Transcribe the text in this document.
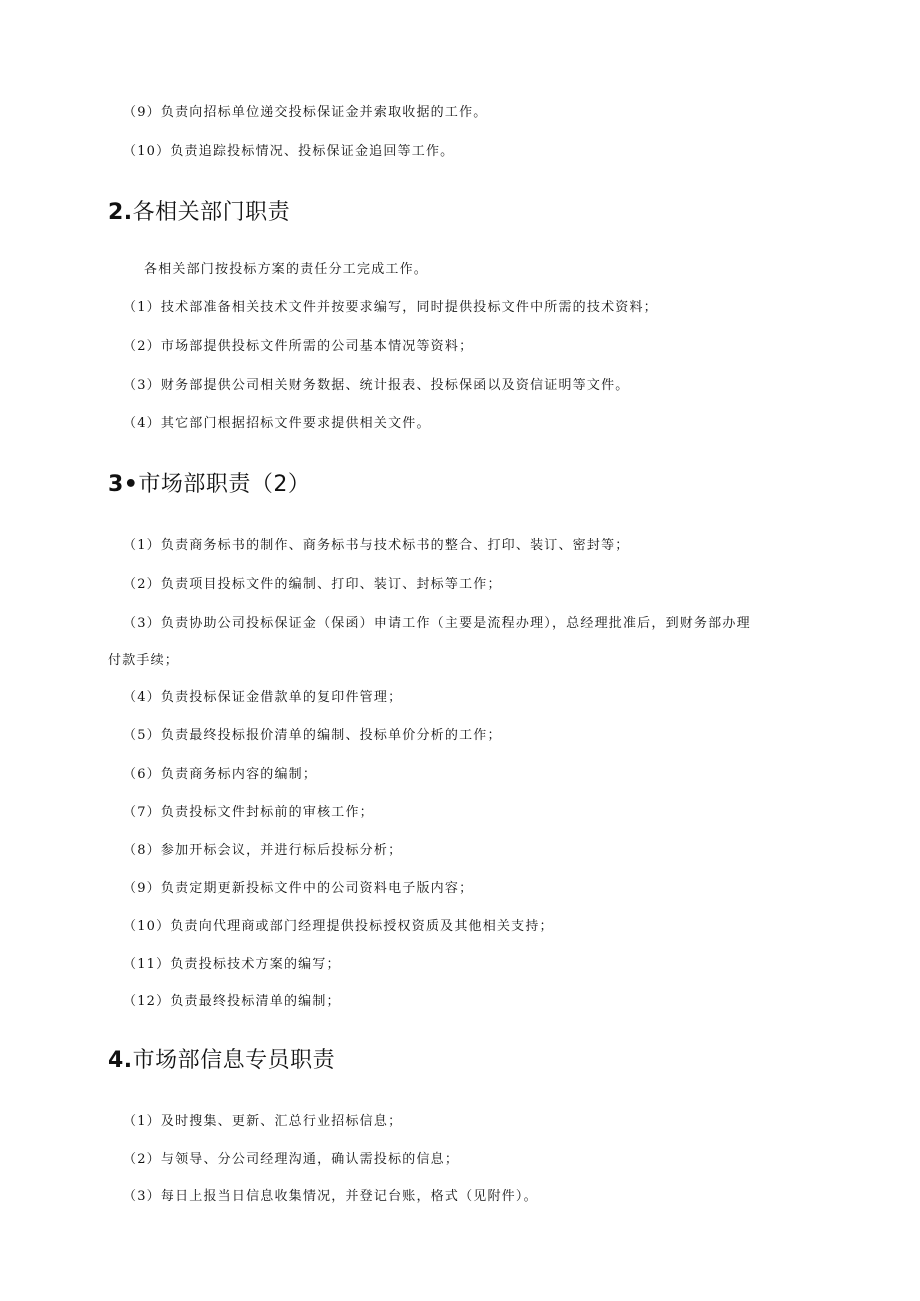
（9）负责向招标单位递交投标保证金并索取收据的工作。
（10）负责追踪投标情况、投标保证金追回等工作。
2.各相关部门职责
各相关部门按投标方案的责任分工完成工作。
（1）技术部准备相关技术文件并按要求编写，同时提供投标文件中所需的技术资料；
（2）市场部提供投标文件所需的公司基本情况等资料；
（3）财务部提供公司相关财务数据、统计报表、投标保函以及资信证明等文件。
（4）其它部门根据招标文件要求提供相关文件。
3•市场部职责（2）
（1）负责商务标书的制作、商务标书与技术标书的整合、打印、装订、密封等；
（2）负责项目投标文件的编制、打印、装订、封标等工作；
（3）负责协助公司投标保证金（保函）申请工作（主要是流程办理），总经理批准后，到财务部办理
付款手续；
（4）负责投标保证金借款单的复印件管理；
（5）负责最终投标报价清单的编制、投标单价分析的工作；
（6）负责商务标内容的编制；
（7）负责投标文件封标前的审核工作；
（8）参加开标会议，并进行标后投标分析；
（9）负责定期更新投标文件中的公司资料电子版内容；
（10）负责向代理商或部门经理提供投标授权资质及其他相关支持；
（11）负责投标技术方案的编写；
（12）负责最终投标清单的编制；
4.市场部信息专员职责
（1）及时搜集、更新、汇总行业招标信息；
（2）与领导、分公司经理沟通，确认需投标的信息；
（3）每日上报当日信息收集情况，并登记台账，格式（见附件）。
